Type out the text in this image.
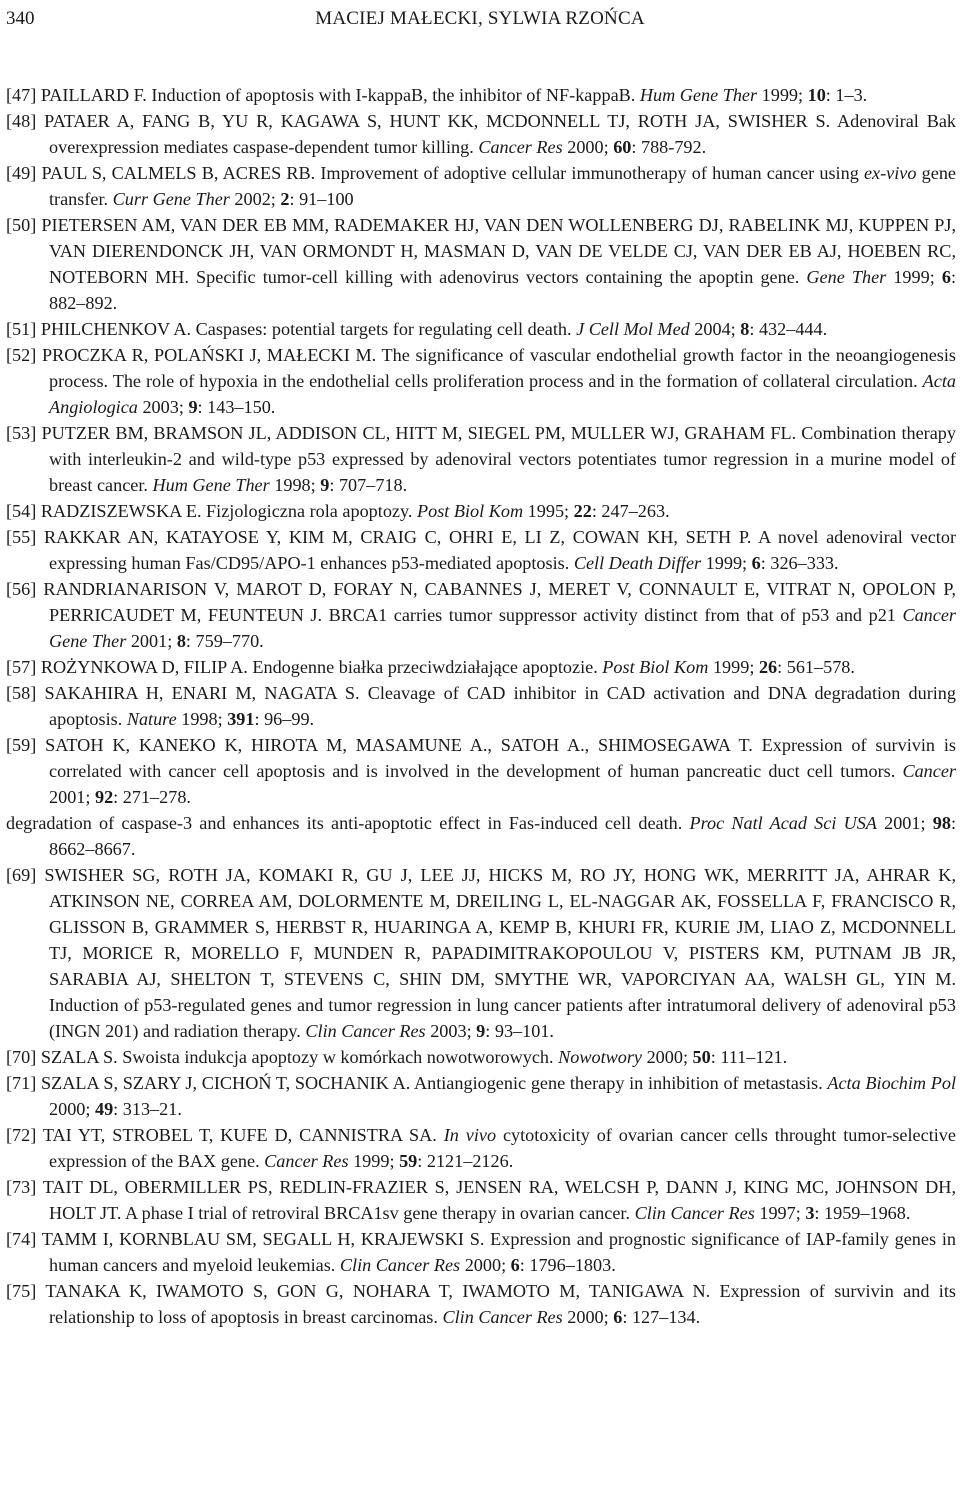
340	MACIEJ MAŁECKI, SYLWIA RZOŃCA
[47] PAILLARD F. Induction of apoptosis with I-kappaB, the inhibitor of NF-kappaB. Hum Gene Ther 1999; 10: 1–3.
[48] PATAER A, FANG B, YU R, KAGAWA S, HUNT KK, MCDONNELL TJ, ROTH JA, SWISHER S. Adenoviral Bak overexpression mediates caspase-dependent tumor killing. Cancer Res 2000; 60: 788-792.
[49] PAUL S, CALMELS B, ACRES RB. Improvement of adoptive cellular immunotherapy of human cancer using ex-vivo gene transfer. Curr Gene Ther 2002; 2: 91–100
[50] PIETERSEN AM, VAN DER EB MM, RADEMAKER HJ, VAN DEN WOLLENBERG DJ, RABELINK MJ, KUPPEN PJ, VAN DIERENDONCK JH, VAN ORMONDT H, MASMAN D, VAN DE VELDE CJ, VAN DER EB AJ, HOEBEN RC, NOTEBORN MH. Specific tumor-cell killing with adenovirus vectors containing the apoptin gene. Gene Ther 1999; 6: 882–892.
[51] PHILCHENKOV A. Caspases: potential targets for regulating cell death. J Cell Mol Med 2004; 8: 432–444.
[52] PROCZKA R, POLAŃSKI J, MAŁECKI M. The significance of vascular endothelial growth factor in the neoangiogenesis process. The role of hypoxia in the endothelial cells proliferation process and in the formation of collateral circulation. Acta Angiologica 2003; 9: 143–150.
[53] PUTZER BM, BRAMSON JL, ADDISON CL, HITT M, SIEGEL PM, MULLER WJ, GRAHAM FL. Combination therapy with interleukin-2 and wild-type p53 expressed by adenoviral vectors potentiates tumor regression in a murine model of breast cancer. Hum Gene Ther 1998; 9: 707–718.
[54] RADZISZEWSKA E. Fizjologiczna rola apoptozy. Post Biol Kom 1995; 22: 247–263.
[55] RAKKAR AN, KATAYOSE Y, KIM M, CRAIG C, OHRI E, LI Z, COWAN KH, SETH P. A novel adenoviral vector expressing human Fas/CD95/APO-1 enhances p53-mediated apoptosis. Cell Death Differ 1999; 6: 326–333.
[56] RANDRIANARISON V, MAROT D, FORAY N, CABANNES J, MERET V, CONNAULT E, VITRAT N, OPOLON P, PERRICAUDET M, FEUNTEUN J. BRCA1 carries tumor suppressor activity distinct from that of p53 and p21 Cancer Gene Ther 2001; 8: 759–770.
[57] ROŻYNKOWA D, FILIP A. Endogenne białka przeciwdziałające apoptozie. Post Biol Kom 1999; 26: 561–578.
[58] SAKAHIRA H, ENARI M, NAGATA S. Cleavage of CAD inhibitor in CAD activation and DNA degradation during apoptosis. Nature 1998; 391: 96–99.
[59] SATOH K, KANEKO K, HIROTA M, MASAMUNE A., SATOH A., SHIMOSEGAWA T. Expression of survivin is correlated with cancer cell apoptosis and is involved in the development of human pancreatic duct cell tumors. Cancer 2001; 92: 271–278.
degradation of caspase-3 and enhances its anti-apoptotic effect in Fas-induced cell death. Proc Natl Acad Sci USA 2001; 98: 8662–8667.
[69] SWISHER SG, ROTH JA, KOMAKI R, GU J, LEE JJ, HICKS M, RO JY, HONG WK, MERRITT JA, AHRAR K, ATKINSON NE, CORREA AM, DOLORMENTE M, DREILING L, EL-NAGGAR AK, FOSSELLA F, FRANCISCO R, GLISSON B, GRAMMER S, HERBST R, HUARINGA A, KEMP B, KHURI FR, KURIE JM, LIAO Z, MCDONNELL TJ, MORICE R, MORELLO F, MUNDEN R, PAPADIMITRAKOPOULOU V, PISTERS KM, PUTNAM JB JR, SARABIA AJ, SHELTON T, STEVENS C, SHIN DM, SMYTHE WR, VAPORCIYAN AA, WALSH GL, YIN M. Induction of p53-regulated genes and tumor regression in lung cancer patients after intratumoral delivery of adenoviral p53 (INGN 201) and radiation therapy. Clin Cancer Res 2003; 9: 93–101.
[70] SZALA S. Swoista indukcja apoptozy w komórkach nowotworowych. Nowotwory 2000; 50: 111–121.
[71] SZALA S, SZARY J, CICHOŃ T, SOCHANIK A. Antiangiogenic gene therapy in inhibition of metastasis. Acta Biochim Pol 2000; 49: 313–21.
[72] TAI YT, STROBEL T, KUFE D, CANNISTRA SA. In vivo cytotoxicity of ovarian cancer cells throught tumor-selective expression of the BAX gene. Cancer Res 1999; 59: 2121–2126.
[73] TAIT DL, OBERMILLER PS, REDLIN-FRAZIER S, JENSEN RA, WELCSH P, DANN J, KING MC, JOHNSON DH, HOLT JT. A phase I trial of retroviral BRCA1sv gene therapy in ovarian cancer. Clin Cancer Res 1997; 3: 1959–1968.
[74] TAMM I, KORNBLAU SM, SEGALL H, KRAJEWSKI S. Expression and prognostic significance of IAP-family genes in human cancers and myeloid leukemias. Clin Cancer Res 2000; 6: 1796–1803.
[75] TANAKA K, IWAMOTO S, GON G, NOHARA T, IWAMOTO M, TANIGAWA N. Expression of survivin and its relationship to loss of apoptosis in breast carcinomas. Clin Cancer Res 2000; 6: 127–134.
